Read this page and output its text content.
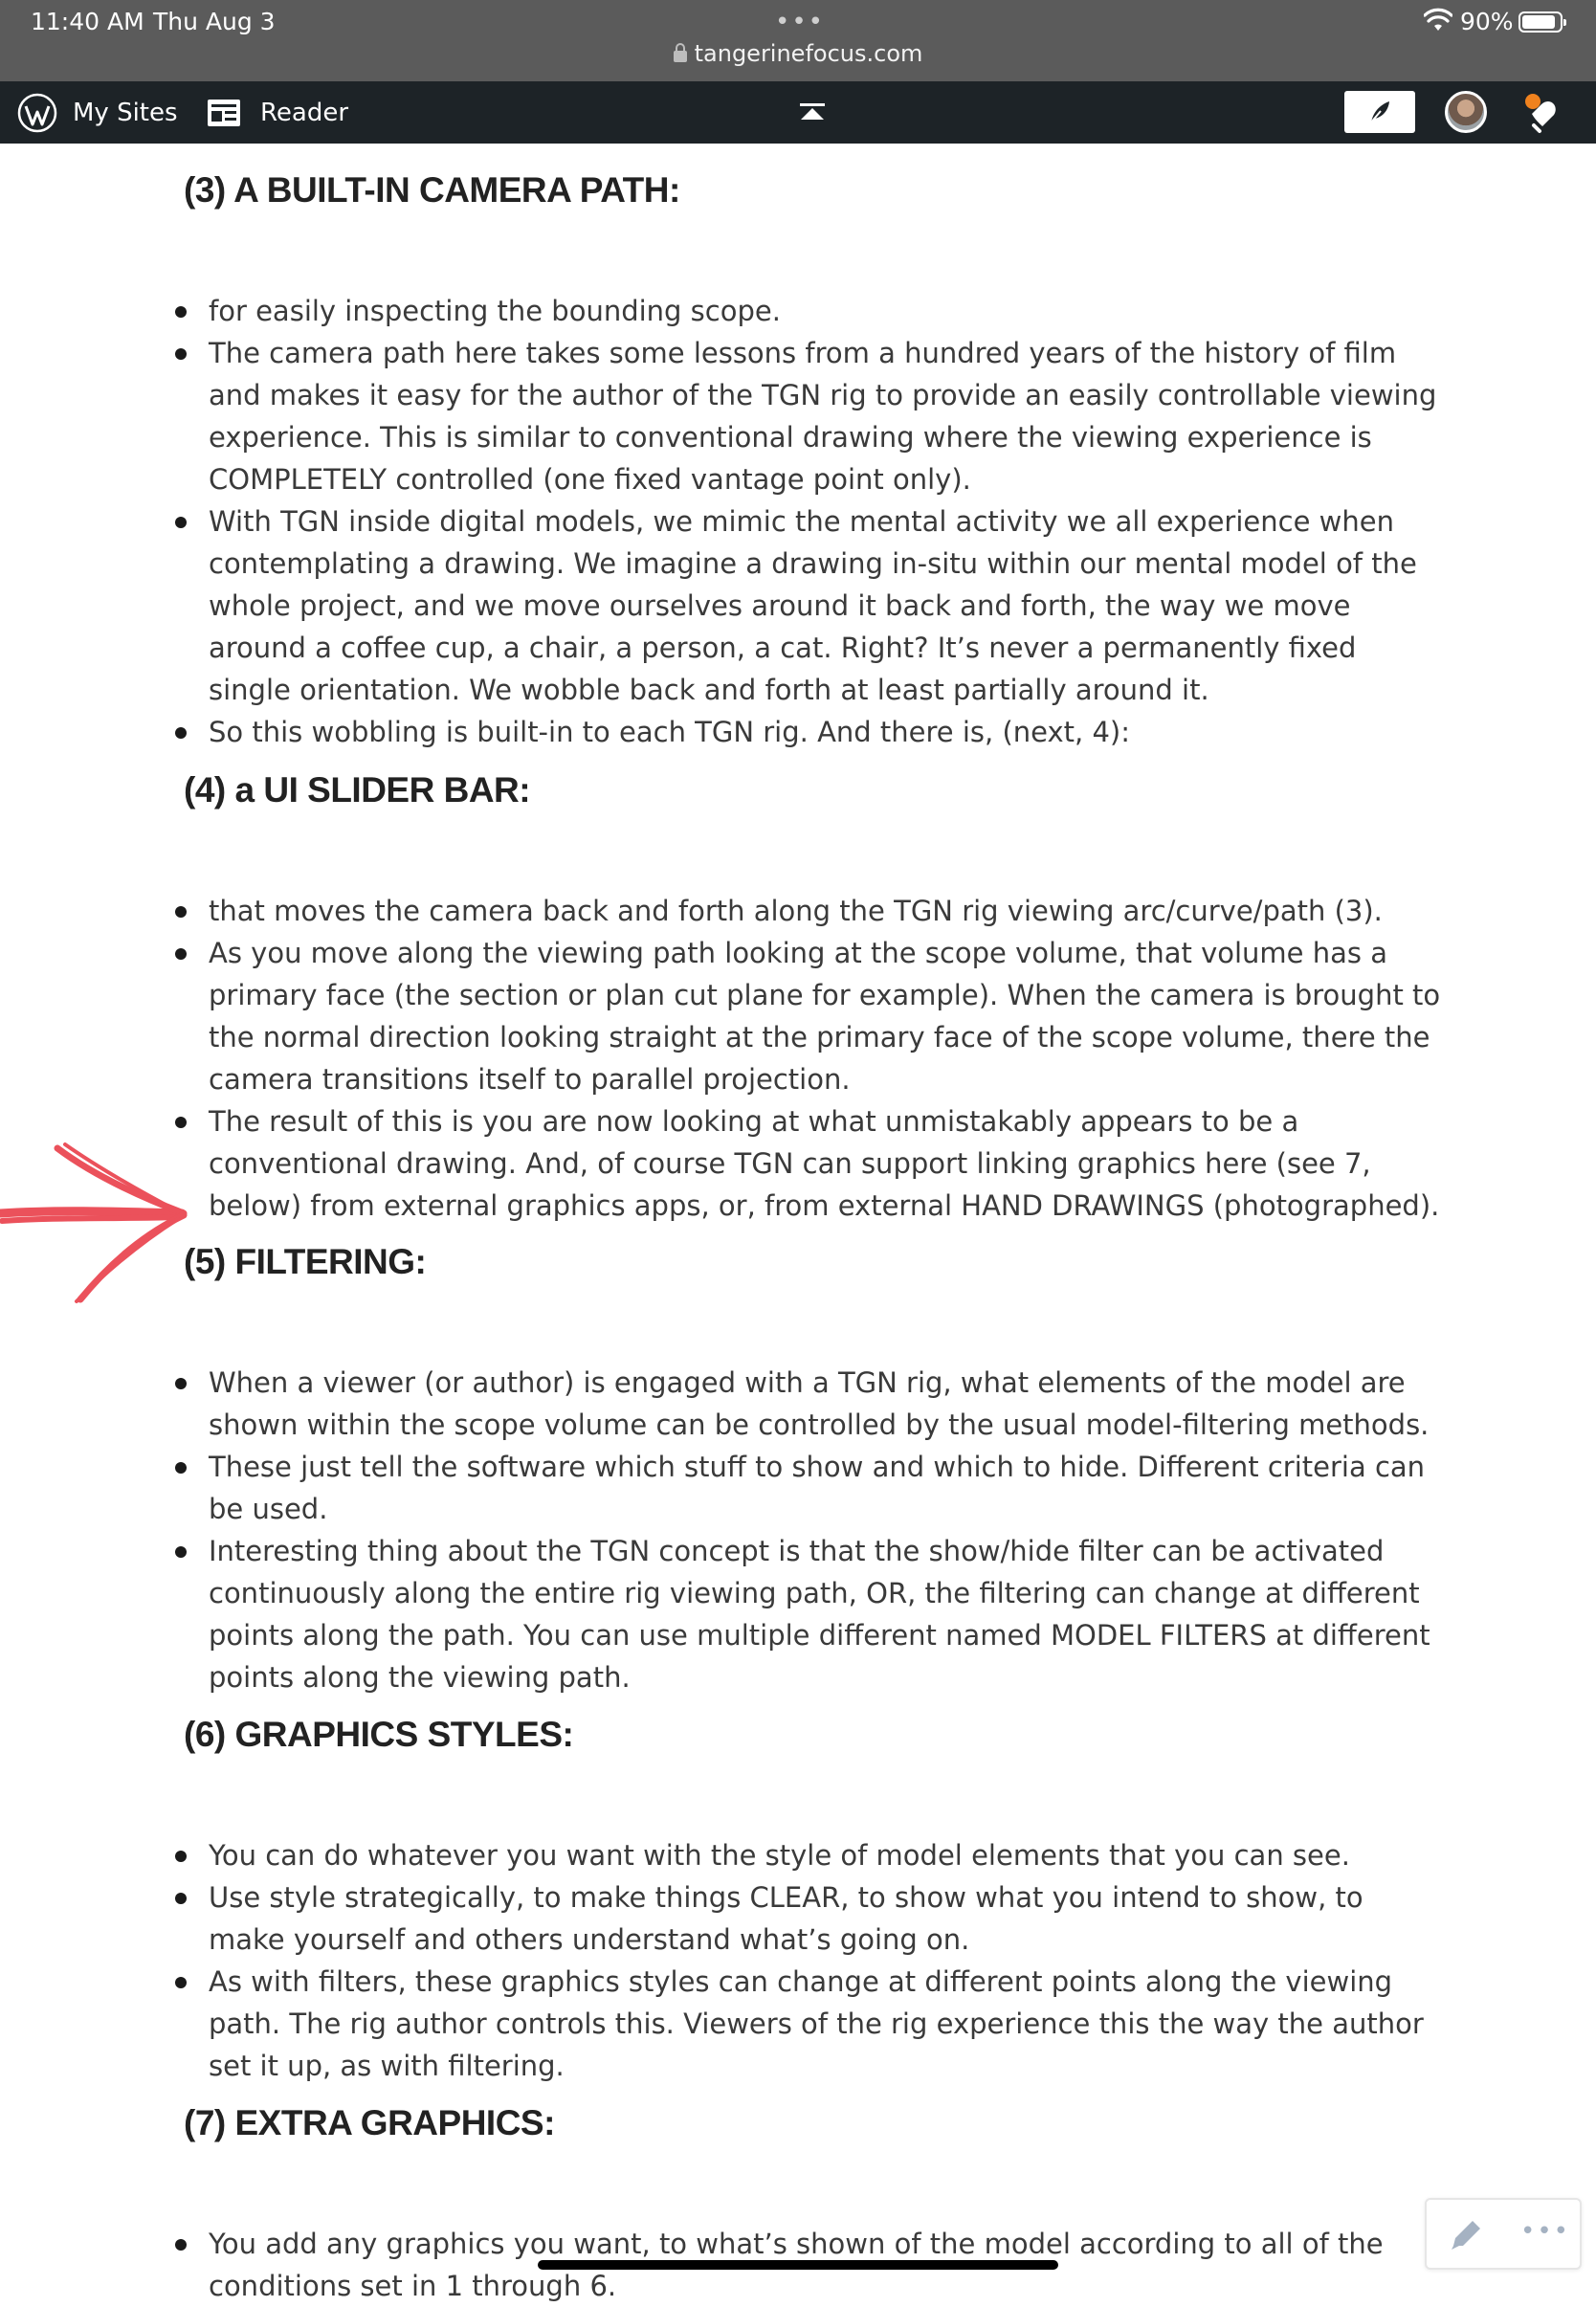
11:40 AM Thu Aug 3	•••
tangerinefocus.com
90%
My Sites	Reader
(3) A BUILT-IN CAMERA PATH:
for easily inspecting the bounding scope.
The camera path here takes some lessons from a hundred years of the history of film and makes it easy for the author of the TGN rig to provide an easily controllable viewing experience. This is similar to conventional drawing where the viewing experience is COMPLETELY controlled (one fixed vantage point only).
With TGN inside digital models, we mimic the mental activity we all experience when contemplating a drawing. We imagine a drawing in-situ within our mental model of the whole project, and we move ourselves around it back and forth, the way we move around a coffee cup, a chair, a person, a cat. Right? It’s never a permanently fixed single orientation. We wobble back and forth at least partially around it.
So this wobbling is built-in to each TGN rig. And there is, (next, 4):
(4) a UI SLIDER BAR:
that moves the camera back and forth along the TGN rig viewing arc/curve/path (3).
As you move along the viewing path looking at the scope volume, that volume has a primary face (the section or plan cut plane for example). When the camera is brought to the normal direction looking straight at the primary face of the scope volume, there the camera transitions itself to parallel projection.
The result of this is you are now looking at what unmistakably appears to be a conventional drawing. And, of course TGN can support linking graphics here (see 7, below) from external graphics apps, or, from external HAND DRAWINGS (photographed).
(5) FILTERING:
When a viewer (or author) is engaged with a TGN rig, what elements of the model are shown within the scope volume can be controlled by the usual model-filtering methods.
These just tell the software which stuff to show and which to hide. Different criteria can be used.
Interesting thing about the TGN concept is that the show/hide filter can be activated continuously along the entire rig viewing path, OR, the filtering can change at different points along the path. You can use multiple different named MODEL FILTERS at different points along the viewing path.
(6) GRAPHICS STYLES:
You can do whatever you want with the style of model elements that you can see.
Use style strategically, to make things CLEAR, to show what you intend to show, to make yourself and others understand what’s going on.
As with filters, these graphics styles can change at different points along the viewing path. The rig author controls this. Viewers of the rig experience this the way the author set it up, as with filtering.
(7) EXTRA GRAPHICS:
You add any graphics you want, to what’s shown of the model according to all of the conditions set in 1 through 6.
•••
